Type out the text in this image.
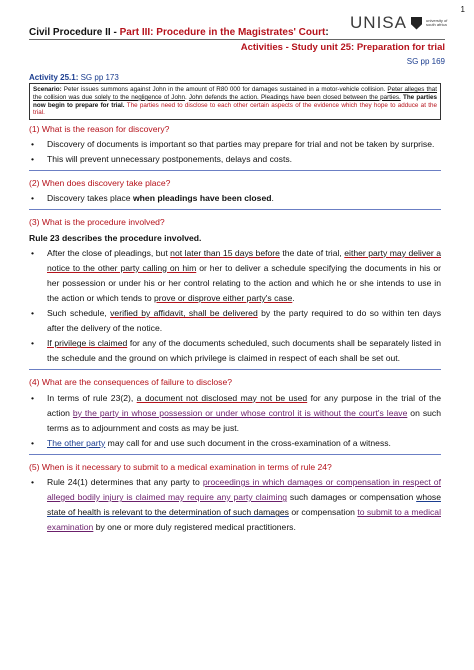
1
UNISA	university of south africa
Civil Procedure II - Part III: Procedure in the Magistrates' Court:
Activities - Study unit 25: Preparation for trial
SG pp 169
Activity 25.1: SG pp 173
Scenario: Peter issues summons against John in the amount of R80 000 for damages sustained in a motor-vehicle collision. Peter alleges that the collision was due solely to the negligence of John. John defends the action. Pleadings have been closed between the parties. The parties now begin to prepare for trial. The parties need to disclose to each other certain aspects of the evidence which they hope to adduce at the trial.

(1) What is the reason for discovery?

• Discovery of documents is important so that parties may prepare for trial and not be taken by surprise.
• This will prevent unnecessary postponements, delays and costs.

(2) When does discovery take place?

• Discovery takes place when pleadings have been closed.

(3) What is the procedure involved?

Rule 23 describes the procedure involved.

• After the close of pleadings, but not later than 15 days before the date of trial, either party may deliver a notice to the other party calling on him or her to deliver a schedule specifying the documents in his or her possession or under his or her control relating to the action and which he or she intends to use in the action or which tends to prove or disprove either party's case.
• Such schedule, verified by affidavit, shall be delivered by the party required to do so within ten days after the delivery of the notice.
• If privilege is claimed for any of the documents scheduled, such documents shall be separately listed in the schedule and the ground on which privilege is claimed in respect of each shall be set out.

(4) What are the consequences of failure to disclose?

• In terms of rule 23(2), a document not disclosed may not be used for any purpose in the trial of the action by the party in whose possession or under whose control it is without the court's leave on such terms as to adjournment and costs as may be just.
• The other party may call for and use such document in the cross-examination of a witness.

(5) When is it necessary to submit to a medical examination in terms of rule 24?

• Rule 24(1) determines that any party to proceedings in which damages or compensation in respect of alleged bodily injury is claimed may require any party claiming such damages or compensation whose state of health is relevant to the determination of such damages or compensation to submit to a medical examination by one or more duly registered medical practitioners.
